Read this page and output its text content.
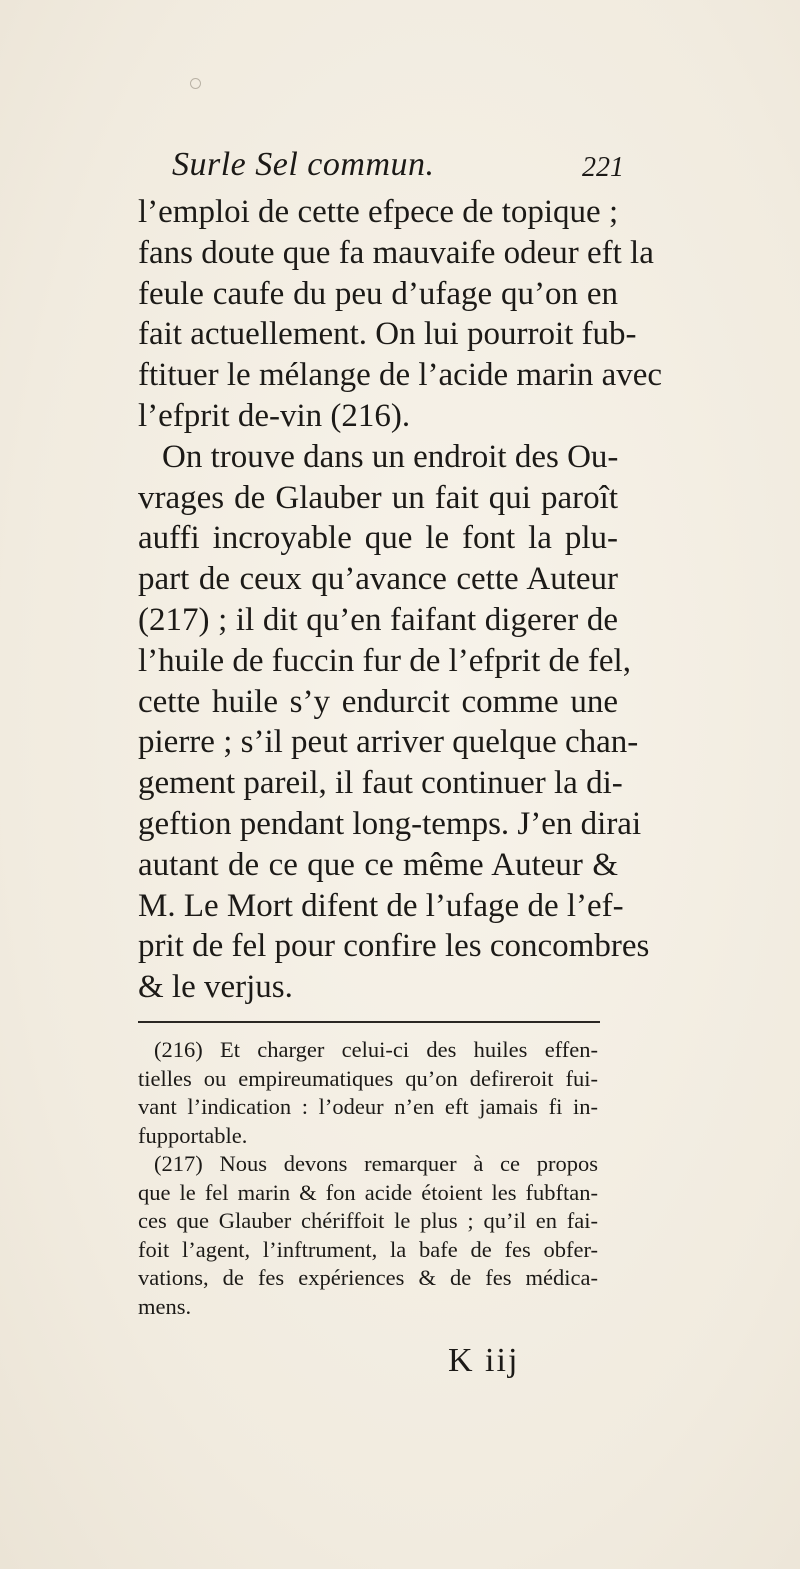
Surle Sel commun.	221
l’emploi de cette efpece de topique ;
fans doute que fa mauvaife odeur eft la
feule caufe du peu d’ufage qu’on en
fait actuellement. On lui pourroit fub-
ftituer le mélange de l’acide marin avec
l’efprit de-vin (216).
On trouve dans un endroit des Ou-
vrages de Glauber un fait qui paroît
auffi incroyable que le font la plu-
part de ceux qu’avance cette Auteur
(217) ; il dit qu’en faifant digerer de
l’huile de fuccin fur de l’efprit de fel,
cette huile s’y endurcit comme une
pierre ; s’il peut arriver quelque chan-
gement pareil, il faut continuer la di-
geftion pendant long-temps. J’en dirai
autant de ce que ce même Auteur &
M. Le Mort difent de l’ufage de l’ef-
prit de fel pour confire les concombres
& le verjus.
(216) Et charger celui-ci des huiles effen-
tielles ou empireumatiques qu’on defireroit fui-
vant l’indication : l’odeur n’en eft jamais fi in-
fupportable.
(217) Nous devons remarquer à ce propos
que le fel marin & fon acide étoient les fubftan-
ces que Glauber chériffoit le plus ; qu’il en fai-
foit l’agent, l’inftrument, la bafe de fes obfer-
vations, de fes expériences & de fes médica-
mens.
K iij
